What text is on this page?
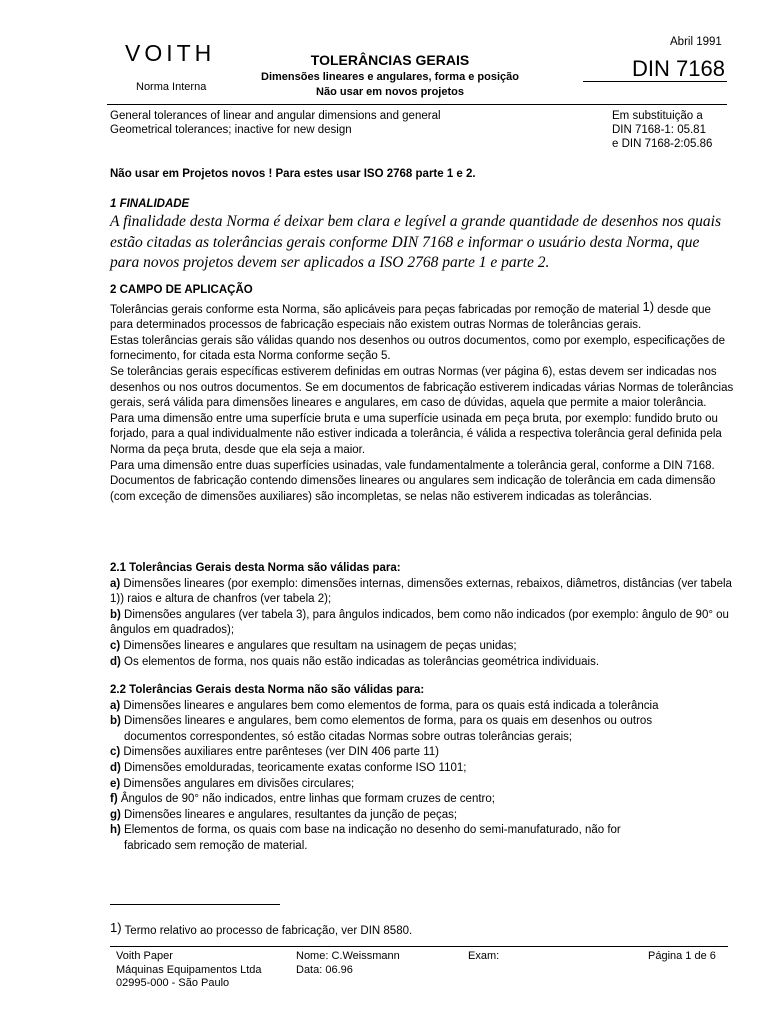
VOITH
Norma Interna
TOLERÂNCIAS GERAIS
Dimensões lineares e angulares, forma e posição
Não usar em novos projetos
Abril 1991
DIN 7168
General tolerances of linear and angular dimensions and general
Geometrical tolerances; inactive for new design
Em substituição a
DIN 7168-1: 05.81
e DIN 7168-2:05.86
Não usar em Projetos novos ! Para estes usar ISO 2768 parte 1 e 2.
1 FINALIDADE
A finalidade desta Norma é deixar bem clara e legível a grande quantidade de desenhos nos quais estão citadas as tolerâncias gerais conforme DIN 7168 e informar o usuário desta Norma, que para novos projetos devem ser aplicados a ISO 2768 parte 1 e parte 2.

2 CAMPO DE APLICAÇÃO

Tolerâncias gerais conforme esta Norma, são aplicáveis para peças fabricadas por remoção de material 1) desde que para determinados processos de fabricação especiais não existem outras Normas de tolerâncias gerais.

Estas tolerâncias gerais são válidas quando nos desenhos ou outros documentos, como por exemplo, especificações de fornecimento, for citada esta Norma conforme seção 5.

Se tolerâncias gerais específicas estiverem definidas em outras Normas (ver página 6), estas devem ser indicadas nos desenhos ou nos outros documentos. Se em documentos de fabricação estiverem indicadas várias Normas de tolerâncias gerais, será válida para dimensões lineares e angulares, em caso de dúvidas, aquela que permite a maior tolerância.

Para uma dimensão entre uma superfície bruta e uma superfície usinada em peça bruta, por exemplo: fundido bruto ou forjado, para a qual individualmente não estiver indicada a tolerância, é válida a respectiva tolerância geral definida pela Norma da peça bruta, desde que ela seja a maior.

Para uma dimensão entre duas superfícies usinadas, vale fundamentalmente a tolerância geral, conforme a DIN 7168.

Documentos de fabricação contendo dimensões lineares ou angulares sem indicação de tolerância em cada dimensão (com exceção de dimensões auxiliares) são incompletas, se nelas não estiverem indicadas as tolerâncias.

2.1 Tolerâncias Gerais desta Norma são válidas para:
a) Dimensões lineares (por exemplo: dimensões internas, dimensões externas, rebaixos, diâmetros, distâncias (ver tabela 1)) raios e altura de chanfros (ver tabela 2);
b) Dimensões angulares (ver tabela 3), para ângulos indicados, bem como não indicados (por exemplo: ângulo de 90° ou ângulos em quadrados);
c) Dimensões lineares e angulares que resultam na usinagem de peças unidas;
d) Os elementos de forma, nos quais não estão indicadas as tolerâncias geométrica individuais.
2.2 Tolerâncias Gerais desta Norma não são válidas para:
a) Dimensões lineares e angulares bem como elementos de forma, para os quais está indicada a tolerância
b) Dimensões lineares e angulares, bem como elementos de forma, para os quais em desenhos ou outros
documentos correspondentes, só estão citadas Normas sobre outras tolerâncias gerais;
c) Dimensões auxiliares entre parênteses (ver DIN 406 parte 11)
d) Dimensões emolduradas, teoricamente exatas conforme ISO 1101;
e) Dimensões angulares em divisões circulares;
f) Ângulos de 90° não indicados, entre linhas que formam cruzes de centro;
g) Dimensões lineares e angulares, resultantes da junção de peças;
h) Elementos de forma, os quais com base na indicação no desenho do semi-manufaturado, não for
fabricado sem remoção de material.
1) Termo relativo ao processo de fabricação, ver DIN 8580.
Voith Paper
Máquinas Equipamentos Ltda
02995-000 - São Paulo
Nome: C.Weissmann
Data: 06.96
Exam:	Página 1 de 6
